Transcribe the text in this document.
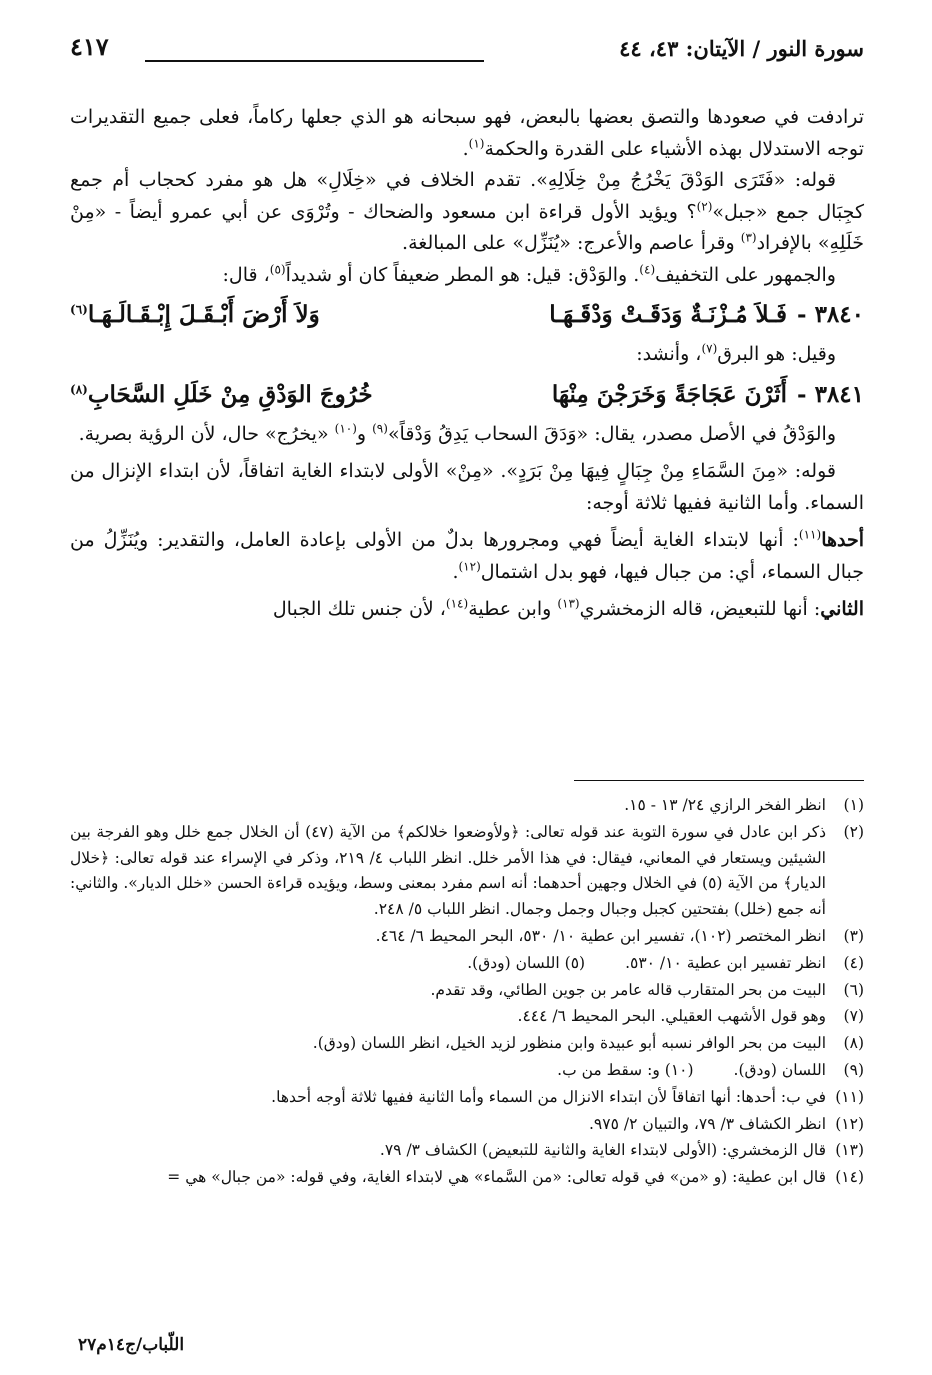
سورة النور / الآيتان: ٤٣، ٤٤
٤١٧

ترادفت في صعودها والتصق بعضها بالبعض، فهو سبحانه هو الذي جعلها ركاماً، فعلى جميع التقديرات توجه الاستدلال بهذه الأشياء على القدرة والحكمة$^{(١)}$.

قوله: «فَتَرَى الوَدْقَ يَخْرُجُ مِنْ خِلَالِهِ». تقدم الخلاف في «خِلَالِ» هل هو مفرد كحجاب أم جمع كجِبَال جمع «جبل»$^{(٢)}$؟ ويؤيد الأول قراءة ابن مسعود والضحاك - وتُرْوَى عن أبي عمرو أيضاً - «مِنْ خَلَلِهِ» بالإفراد$^{(٣)}$ وقرأ عاصم والأعرج: «يُنَزِّل» على المبالغة.

والجمهور على التخفيف$^{(٤)}$. والوَدْق: قيل: هو المطر ضعيفاً كان أو شديداً$^{(٥)}$، قال:

٣٨٤٠ -
فَـلاَ مُـزْنَـةٌ وَدَقَـتْ وَدْقَـهَـا
وَلاَ أَرْضَ أَبْـقَـلَ إِبْـقَـالَـهَـا$^{(٦)}$

وقيل: هو البرق$^{(٧)}$، وأنشد:

٣٨٤١ -
أَثَرْنَ عَجَاجَةً وَخَرَجْنَ مِنْهَا
خُرُوجَ الوَدْقِ مِنْ خَلَلِ السَّحَابِ$^{(٨)}$

والوَدْقُ في الأصل مصدر، يقال: «وَدَقَ السحاب يَدِقُ وَدْقاً»$^{(٩)}$ و$^{(١٠)}$ «يخرُج» حال، لأن الرؤية بصرية.

قوله: «مِنَ السَّمَاءِ مِنْ جِبَالٍ فِيهَا مِنْ بَرَدٍ». «مِنْ» الأولى لابتداء الغاية اتفاقاً، لأن ابتداء الإنزال من السماء. وأما الثانية ففيها ثلاثة أوجه:

أحدها$^{(١١)}$: أنها لابتداء الغاية أيضاً فهي ومجرورها بدلٌ من الأولى بإعادة العامل، والتقدير: ويُنَزِّلُ من جبال السماء، أي: من جبال فيها، فهو بدل اشتمال$^{(١٢)}$.

الثاني: أنها للتبعيض، قاله الزمخشري$^{(١٣)}$ وابن عطية$^{(١٤)}$، لأن جنس تلك الجبال

(١)
انظر الفخر الرازي ٢٤/ ١٣ - ١٥.
(٢)
ذكر ابن عادل في سورة التوبة عند قوله تعالى: ﴿ولأوضعوا خلالكم﴾ من الآية (٤٧) أن الخلال جمع خلل وهو الفرجة بين الشيئين ويستعار في المعاني، فيقال: في هذا الأمر خلل. انظر اللباب ٤/ ٢١٩، وذكر في الإسراء عند قوله تعالى: ﴿خلال الديار﴾ من الآية (٥) في الخلال وجهين أحدهما: أنه اسم مفرد بمعنى وسط، ويؤيده قراءة الحسن «خلل الديار». والثاني: أنه جمع (خلل) بفتحتين كجبل وجبال وجمل وجمال. انظر اللباب ٥/ ٢٤٨.
(٣)
انظر المختصر (١٠٢)، تفسير ابن عطية ١٠/ ٥٣٠، البحر المحيط ٦/ ٤٦٤.
(٤)
انظر تفسير ابن عطية ١٠/ ٥٣٠.
(٥) اللسان (ودق).
(٦)
البيت من بحر المتقارب قاله عامر بن جوين الطائي، وقد تقدم.
(٧)
وهو قول الأشهب العقيلي. البحر المحيط ٦/ ٤٤٤.
(٨)
البيت من بحر الوافر نسبه أبو عبيدة وابن منظور لزيد الخيل، انظر اللسان (ودق).
(٩)
اللسان (ودق).
(١٠) و: سقط من ب.
(١١)
في ب: أحدها: أنها اتفاقاً لأن ابتداء الانزال من السماء وأما الثانية ففيها ثلاثة أوجه أحدها.
(١٢)
انظر الكشاف ٣/ ٧٩، والتبيان ٢/ ٩٧٥.
(١٣)
قال الزمخشري: (الأولى لابتداء الغاية والثانية للتبعيض) الكشاف ٣/ ٧٩.
(١٤)
قال ابن عطية: (و «من» في قوله تعالى: «من السَّماء» هي لابتداء الغاية، وفي قوله: «من جبال» هي =
اللّباب/ج١٤م٢٧
